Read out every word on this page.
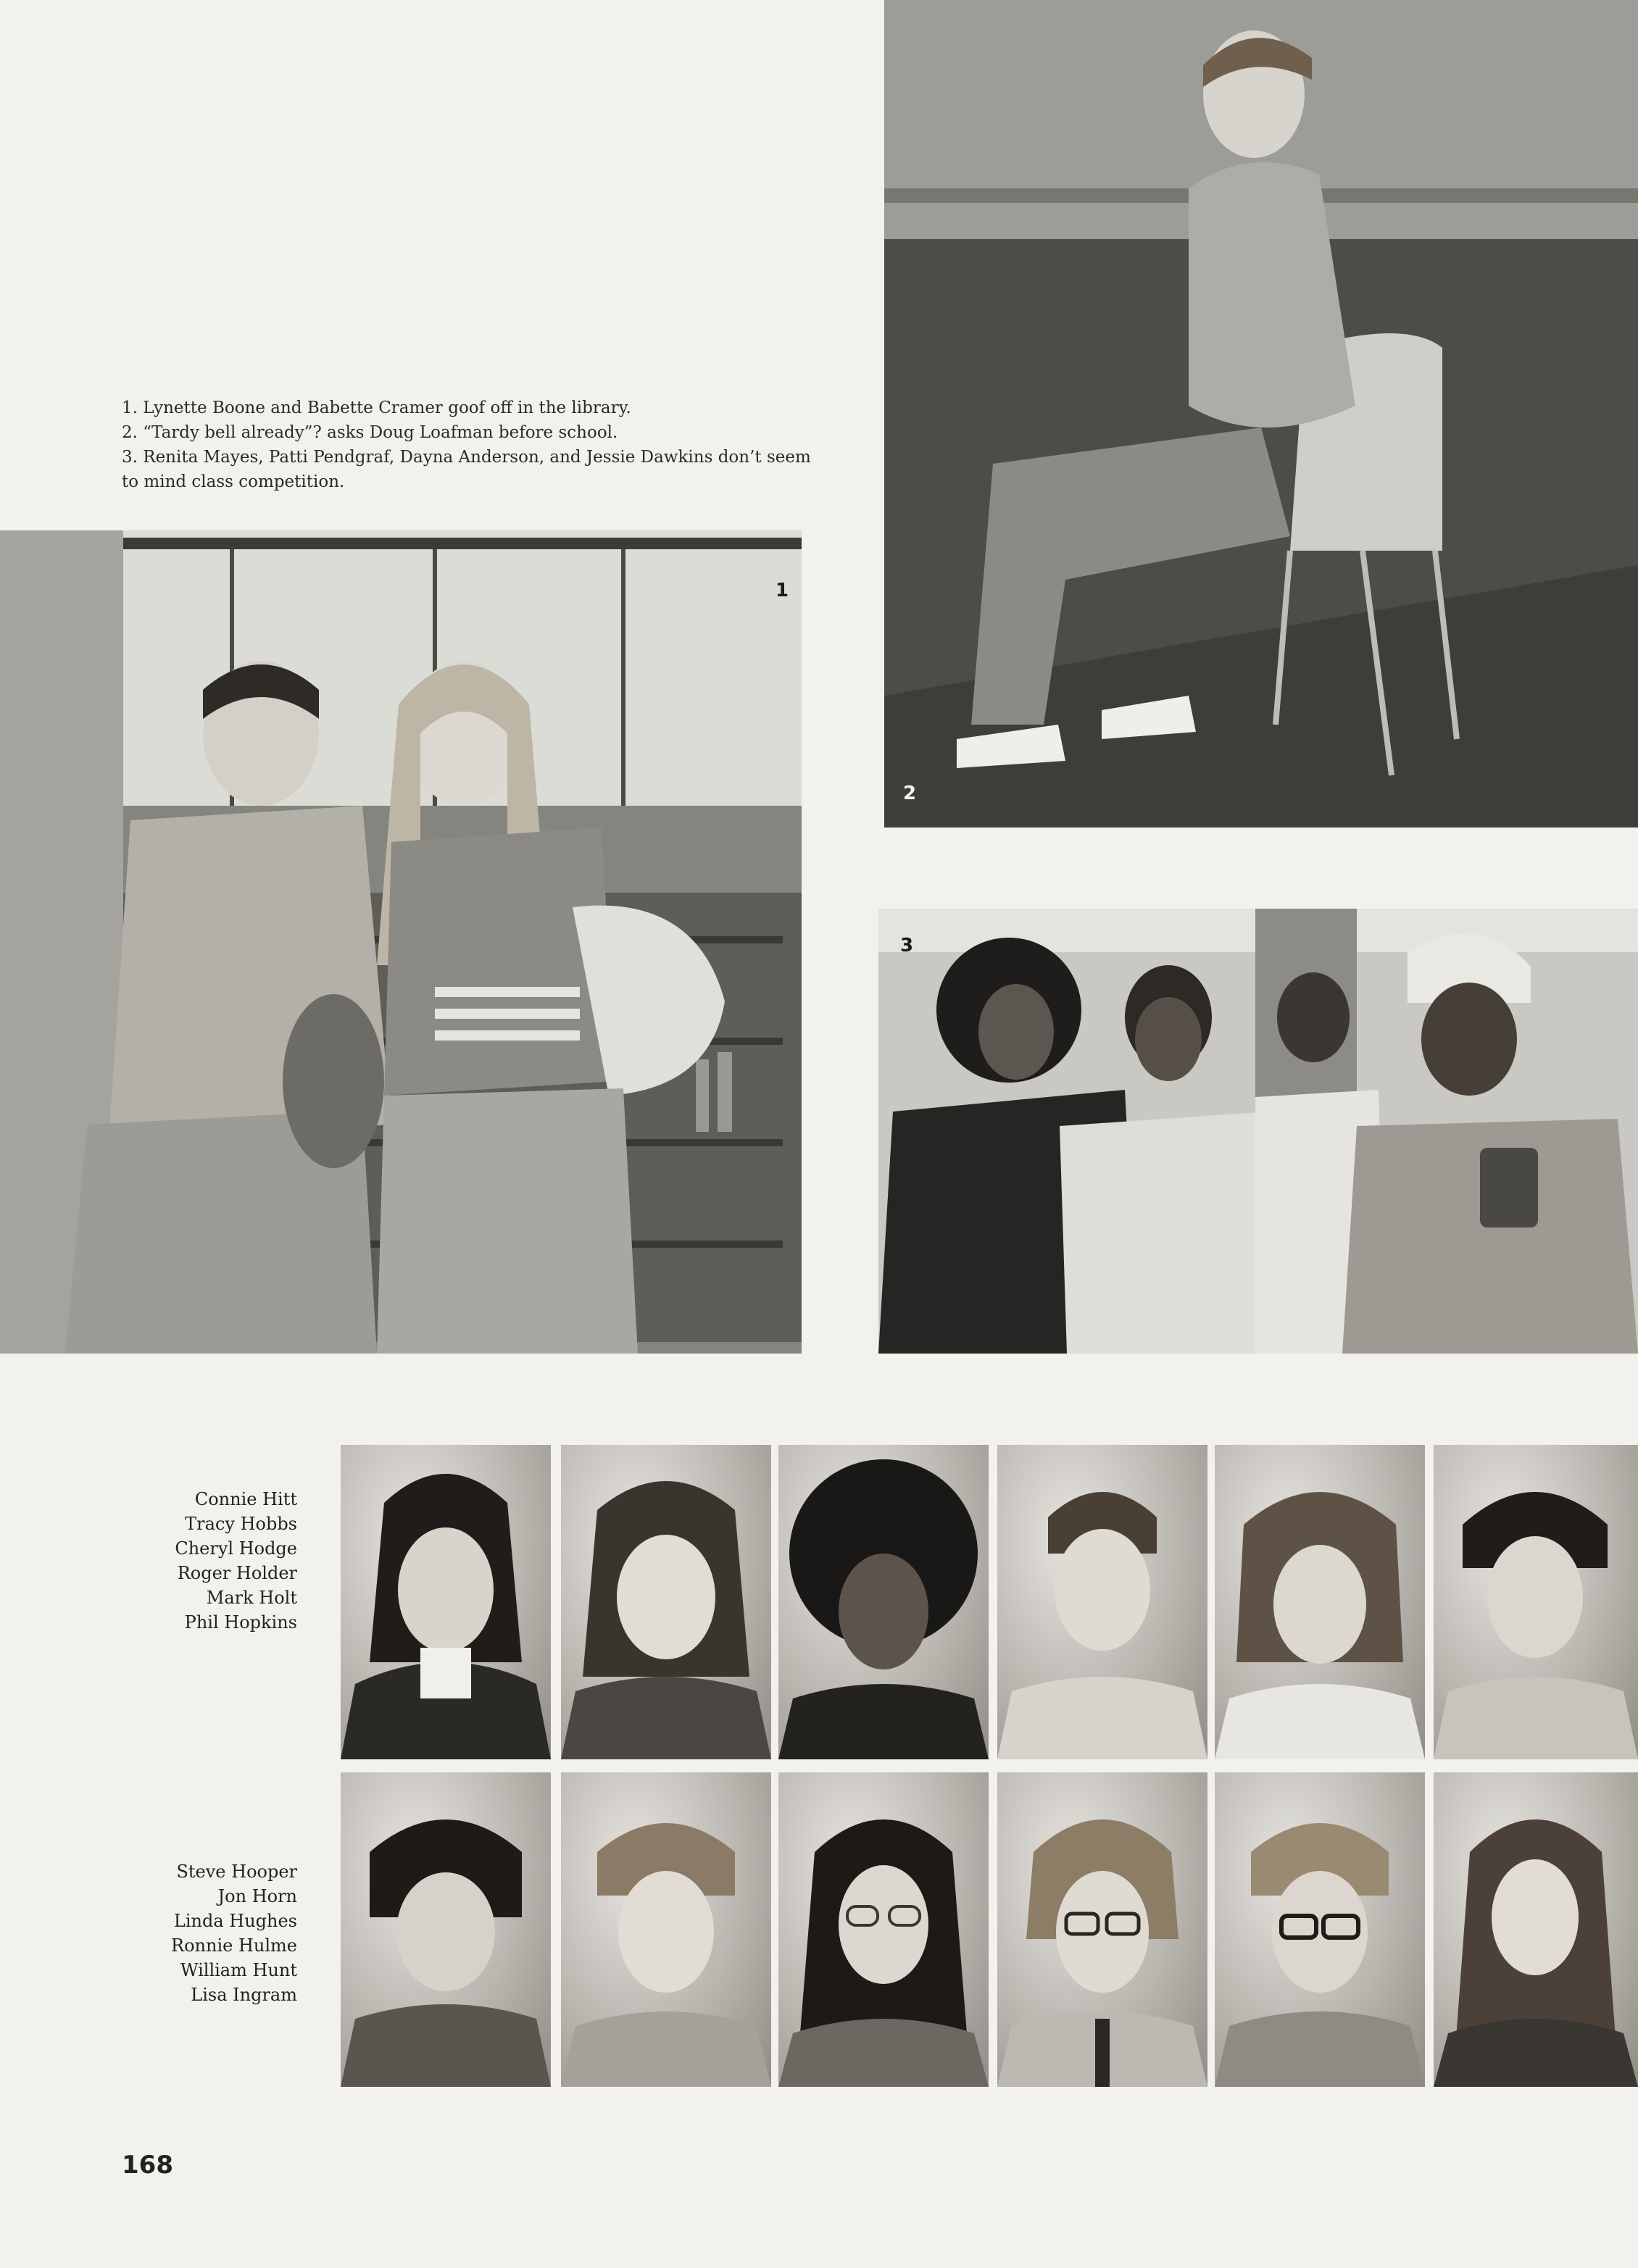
1. Lynette Boone and Babette Cramer goof off in the library.
2. “Tardy bell already”? asks Doug Loafman before school.
3. Renita Mayes, Patti Pendgraf, Dayna Anderson, and Jessie Dawkins don’t seem to mind class competition.
2
1
3
Connie Hitt
Tracy Hobbs
Cheryl Hodge
Roger Holder
Mark Holt
Phil Hopkins
Steve Hooper
Jon Horn
Linda Hughes
Ronnie Hulme
William Hunt
Lisa Ingram
168
